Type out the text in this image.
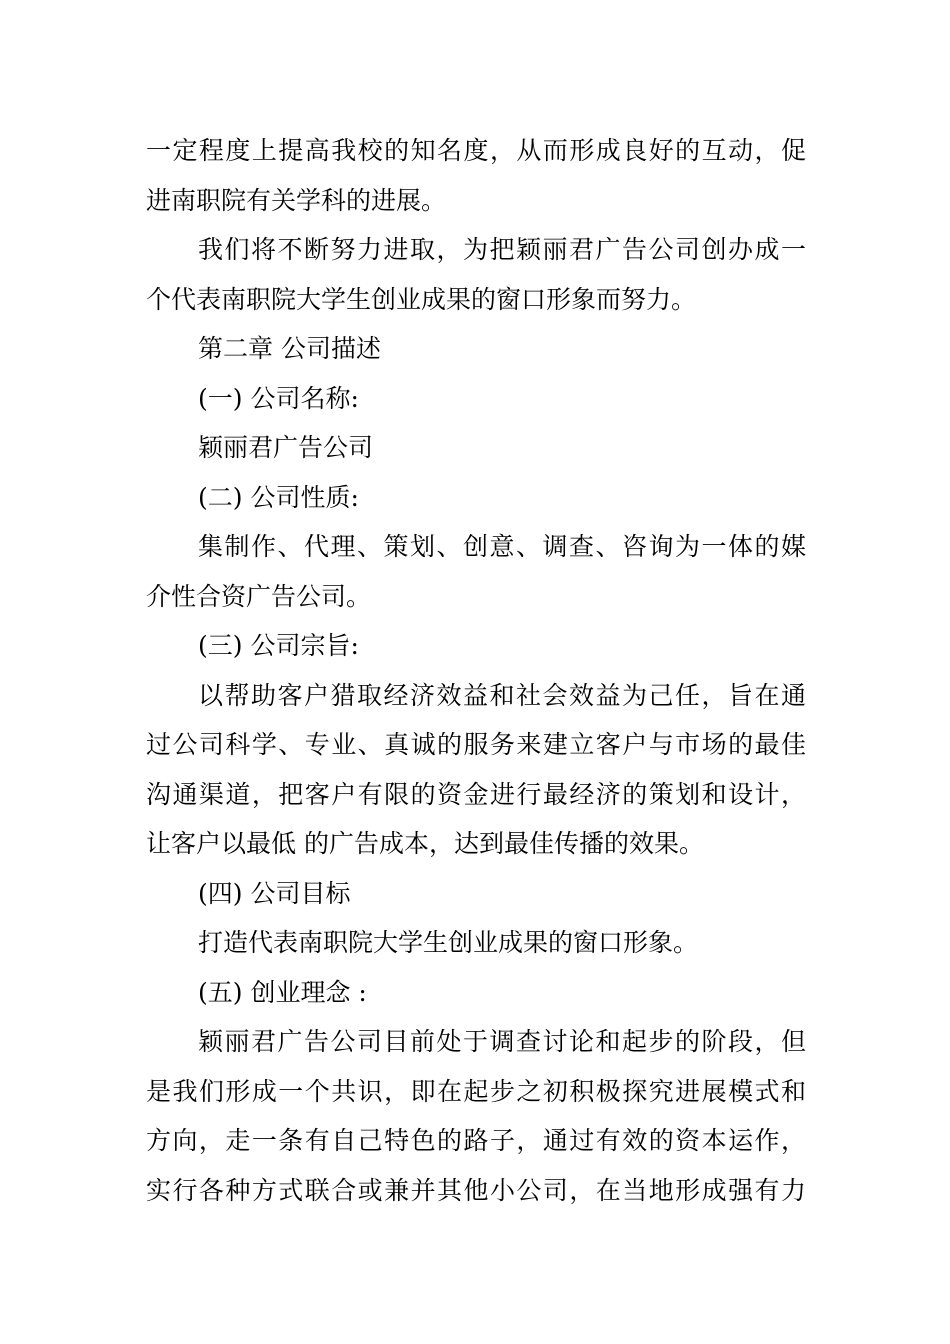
一定程度上提高我校的知名度，从而形成良好的互动，促
进南职院有关学科的进展。
我们将不断努力进取，为把颖丽君广告公司创办成一
个代表南职院大学生创业成果的窗口形象而努力。
第二章 公司描述
(一) 公司名称:
颖丽君广告公司
(二) 公司性质:
集制作、代理、策划、创意、调查、咨询为一体的媒
介性合资广告公司。
(三) 公司宗旨:
以帮助客户猎取经济效益和社会效益为己任，旨在通
过公司科学、专业、真诚的服务来建立客户与市场的最佳
沟通渠道，把客户有限的资金进行最经济的策划和设计，
让客户以最低 的广告成本，达到最佳传播的效果。
(四) 公司目标
打造代表南职院大学生创业成果的窗口形象。
(五) 创业理念 :
颖丽君广告公司目前处于调查讨论和起步的阶段，但
是我们形成一个共识，即在起步之初积极探究进展模式和
方向，走一条有自己特色的路子，通过有效的资本运作，
实行各种方式联合或兼并其他小公司，在当地形成强有力
